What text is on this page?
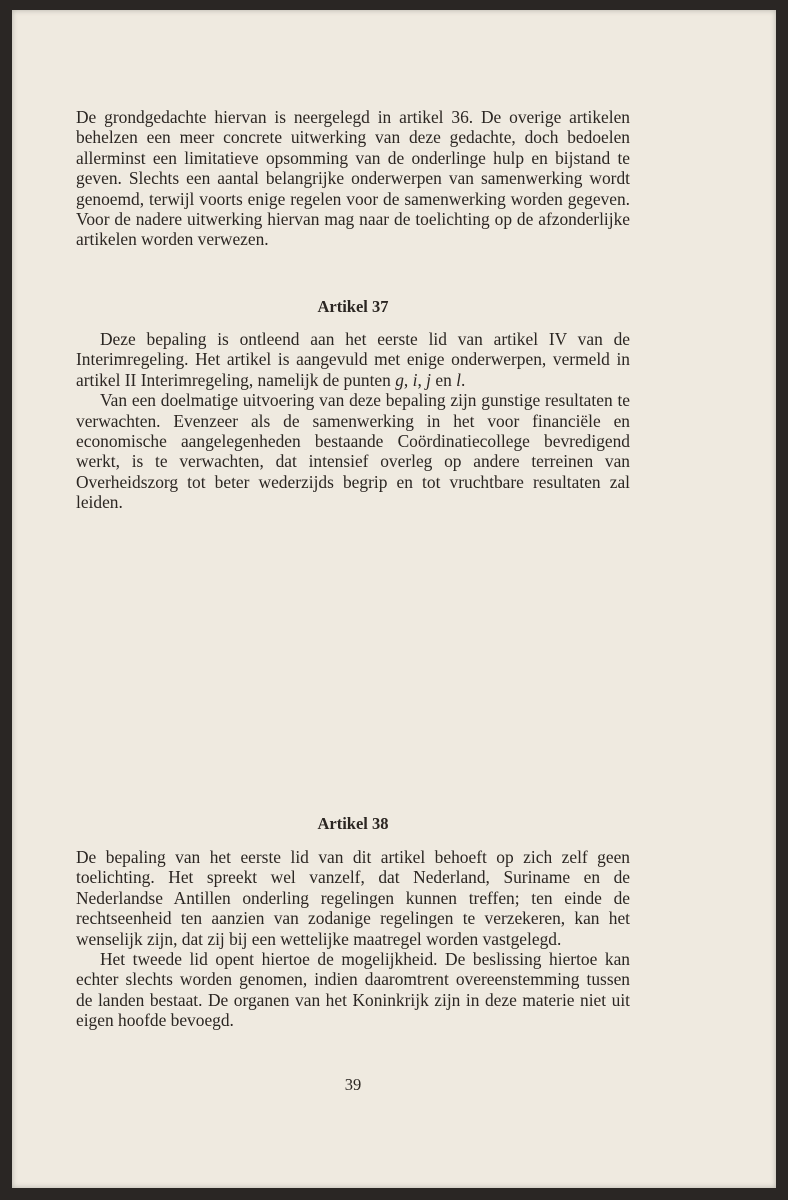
De grondgedachte hiervan is neergelegd in artikel 36. De overige artikelen behelzen een meer concrete uitwerking van deze gedachte, doch bedoelen allerminst een limitatieve opsomming van de onderlinge hulp en bijstand te geven. Slechts een aantal belangrijke onderwerpen van samenwerking wordt genoemd, terwijl voorts enige regelen voor de samenwerking worden gegeven. Voor de nadere uitwerking hiervan mag naar de toelichting op de afzonderlijke artikelen worden verwezen.

Artikel 37

Deze bepaling is ontleend aan het eerste lid van artikel IV van de Interimregeling. Het artikel is aangevuld met enige onderwerpen, vermeld in artikel II Interimregeling, namelijk de punten g, i, j en l.

Van een doelmatige uitvoering van deze bepaling zijn gunstige resultaten te verwachten. Evenzeer als de samenwerking in het voor financiële en economische aangelegenheden bestaande Coördinatiecollege bevredigend werkt, is te verwachten, dat intensief overleg op andere terreinen van Overheidszorg tot beter wederzijds begrip en tot vruchtbare resultaten zal leiden.

Artikel 38

De bepaling van het eerste lid van dit artikel behoeft op zich zelf geen toelichting. Het spreekt wel vanzelf, dat Nederland, Suriname en de Nederlandse Antillen onderling regelingen kunnen treffen; ten einde de rechtseenheid ten aanzien van zodanige regelingen te verzekeren, kan het wenselijk zijn, dat zij bij een wettelijke maatregel worden vastgelegd.

Het tweede lid opent hiertoe de mogelijkheid. De beslissing hiertoe kan echter slechts worden genomen, indien daaromtrent overeenstemming tussen de landen bestaat. De organen van het Koninkrijk zijn in deze materie niet uit eigen hoofde bevoegd.

39
